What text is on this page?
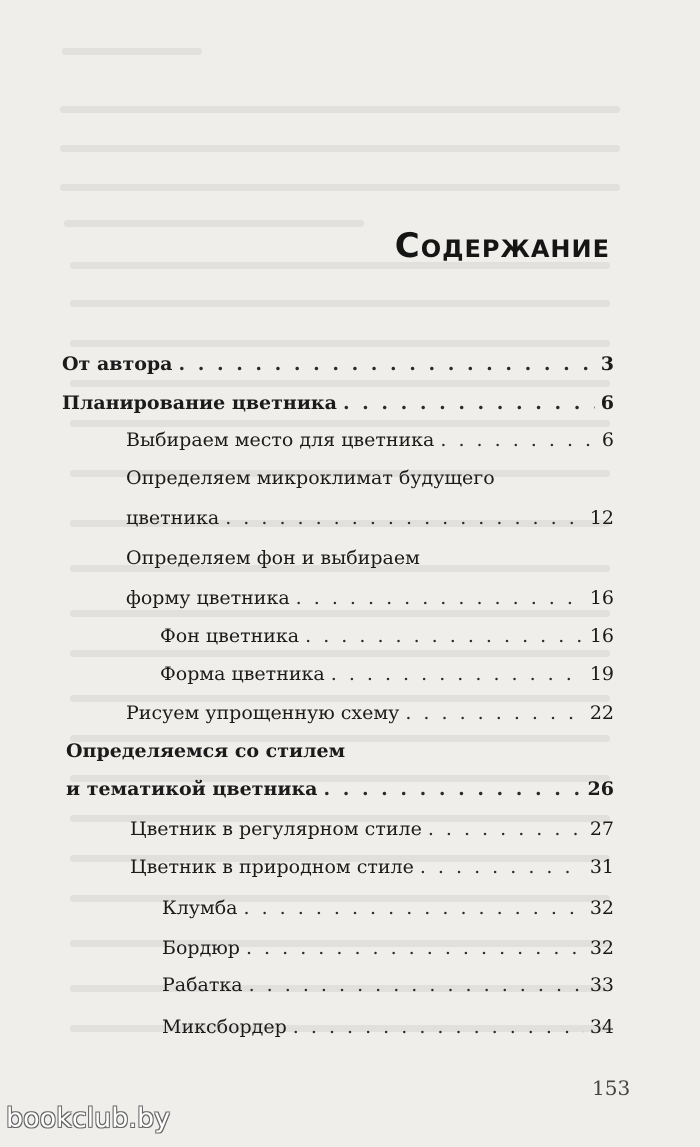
Содержание
От автора . . .	3
Планирование цветника . . .	6
Выбираем место для цветника . . .	6
Определяем микроклимат будущего
цветника . . .	12
Определяем фон и выбираем
форму цветника . . .	16
Фон цветника . . .	16
Форма цветника . . .	19
Рисуем упрощенную схему . . .	22
Определяемся со стилем
и тематикой цветника . . .	26
Цветник в регулярном стиле . . .	27
Цветник в природном стиле . . .	31
Клумба . . .	32
Бордюр . . .	32
Рабатка . . .	33
Миксбордер . . .	34
153
bookclub.by
